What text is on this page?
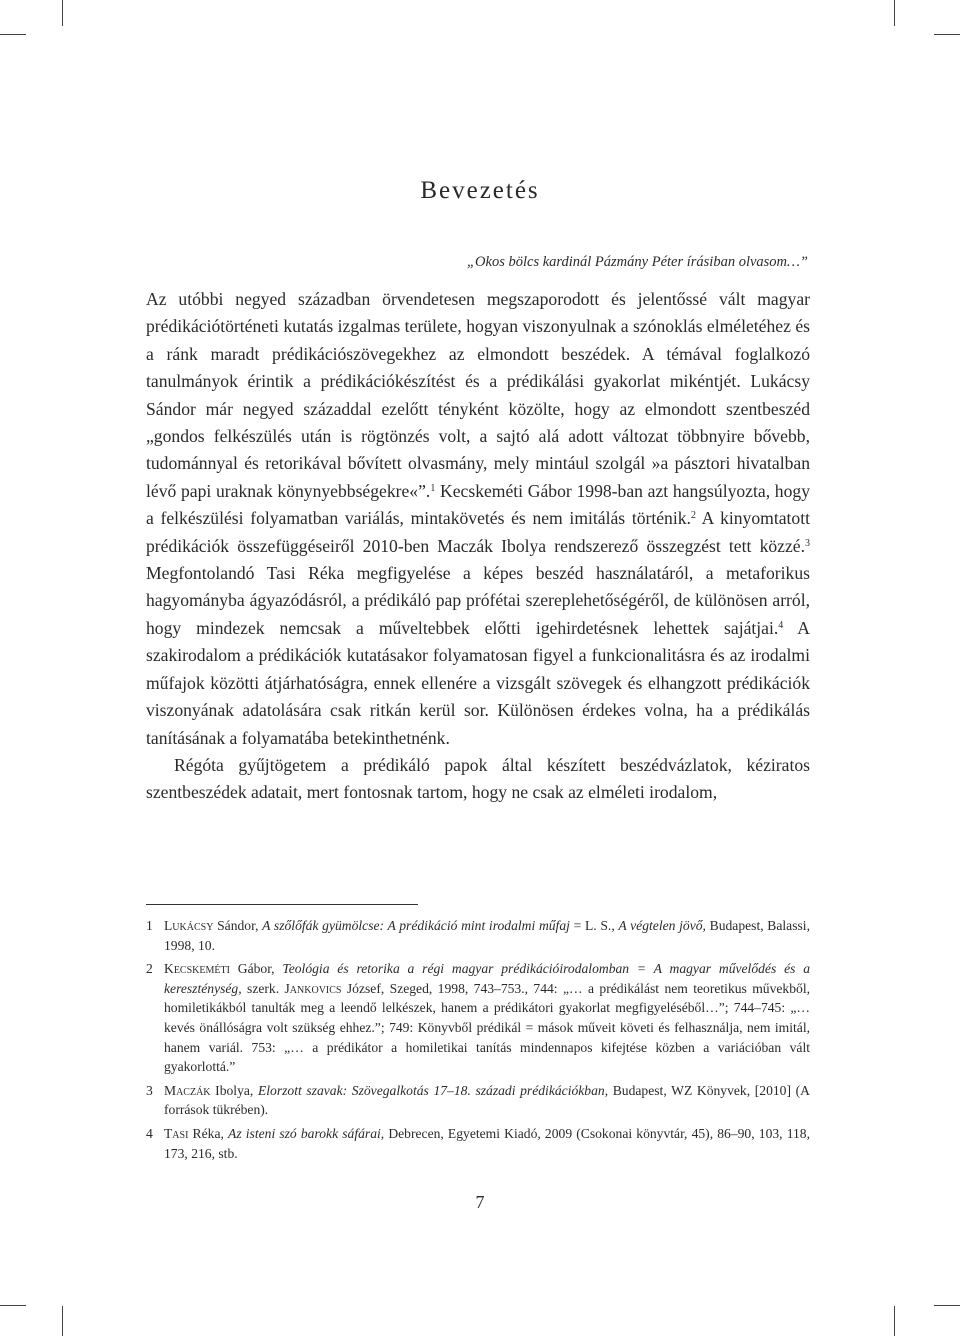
Bevezetés

„Okos bölcs kardinál Pázmány Péter írásiban olvasom…”

Az utóbbi negyed században örvendetesen megszaporodott és jelentőssé vált magyar prédikációtörténeti kutatás izgalmas területe, hogyan viszonyulnak a szónoklás elméletéhez és a ránk maradt prédikációszövegekhez az elmondott beszédek. A témával foglalkozó tanulmányok érintik a prédikációkészítést és a prédikálási gyakorlat mikéntjét. Lukácsy Sándor már negyed századdal ezelőtt tényként közölte, hogy az elmondott szentbeszéd „gondos felkészülés után is rögtönzés volt, a sajtó alá adott változat többnyire bővebb, tudománnyal és retorikával bővített olvasmány, mely mintául szolgál »a pásztori hivatalban lévő papi uraknak könynyebbségekre«”.$^1$ Kecskeméti Gábor 1998-ban azt hangsúlyozta, hogy a felkészülési folyamatban variálás, mintakövetés és nem imitálás történik.$^2$ A kinyomtatott prédikációk összefüggéseiről 2010-ben Maczák Ibolya rendszerező összegzést tett közzé.$^3$ Megfontolandó Tasi Réka megfigyelése a képes beszéd használatáról, a metaforikus hagyományba ágyazódásról, a prédikáló pap prófétai szereplehetőségéről, de különösen arról, hogy mindezek nemcsak a műveltebbek előtti igehirdetésnek lehettek sajátjai.$^4$ A szakirodalom a prédikációk kutatásakor folyamatosan figyel a funkcionalitásra és az irodalmi műfajok közötti átjárhatóságra, ennek ellenére a vizsgált szövegek és elhangzott prédikációk viszonyának adatolására csak ritkán kerül sor. Különösen érdekes volna, ha a prédikálás tanításának a folyamatába betekinthetnénk.

Régóta gyűjtögetem a prédikáló papok által készített beszédvázlatok, kéziratos szentbeszédek adatait, mert fontosnak tartom, hogy ne csak az elméleti irodalom,

1 Lukácsy Sándor, A szőlőfák gyümölcse: A prédikáció mint irodalmi műfaj = L. S., A végtelen jövő, Budapest, Balassi, 1998, 10.

2 Kecskeméti Gábor, Teológia és retorika a régi magyar prédikációirodalomban = A magyar művelődés és a kereszténység, szerk. Jankovics József, Szeged, 1998, 743–753., 744: „… a prédikálást nem teoretikus művekből, homiletikákból tanulták meg a leendő lelkészek, hanem a prédikátori gyakorlat megfigyeléséből…”; 744–745: „… kevés önállóságra volt szükség ehhez.”; 749: Könyvből prédikál = mások műveit követi és felhasználja, nem imitál, hanem variál. 753: „… a prédikátor a homiletikai tanítás mindennapos kifejtése közben a variációban vált gyakorlottá.”

3 Maczák Ibolya, Elorzott szavak: Szövegalkotás 17–18. századi prédikációkban, Budapest, WZ Könyvek, [2010] (A források tükrében).

4 Tasi Réka, Az isteni szó barokk sáfárai, Debrecen, Egyetemi Kiadó, 2009 (Csokonai könyvtár, 45), 86–90, 103, 118, 173, 216, stb.

7
